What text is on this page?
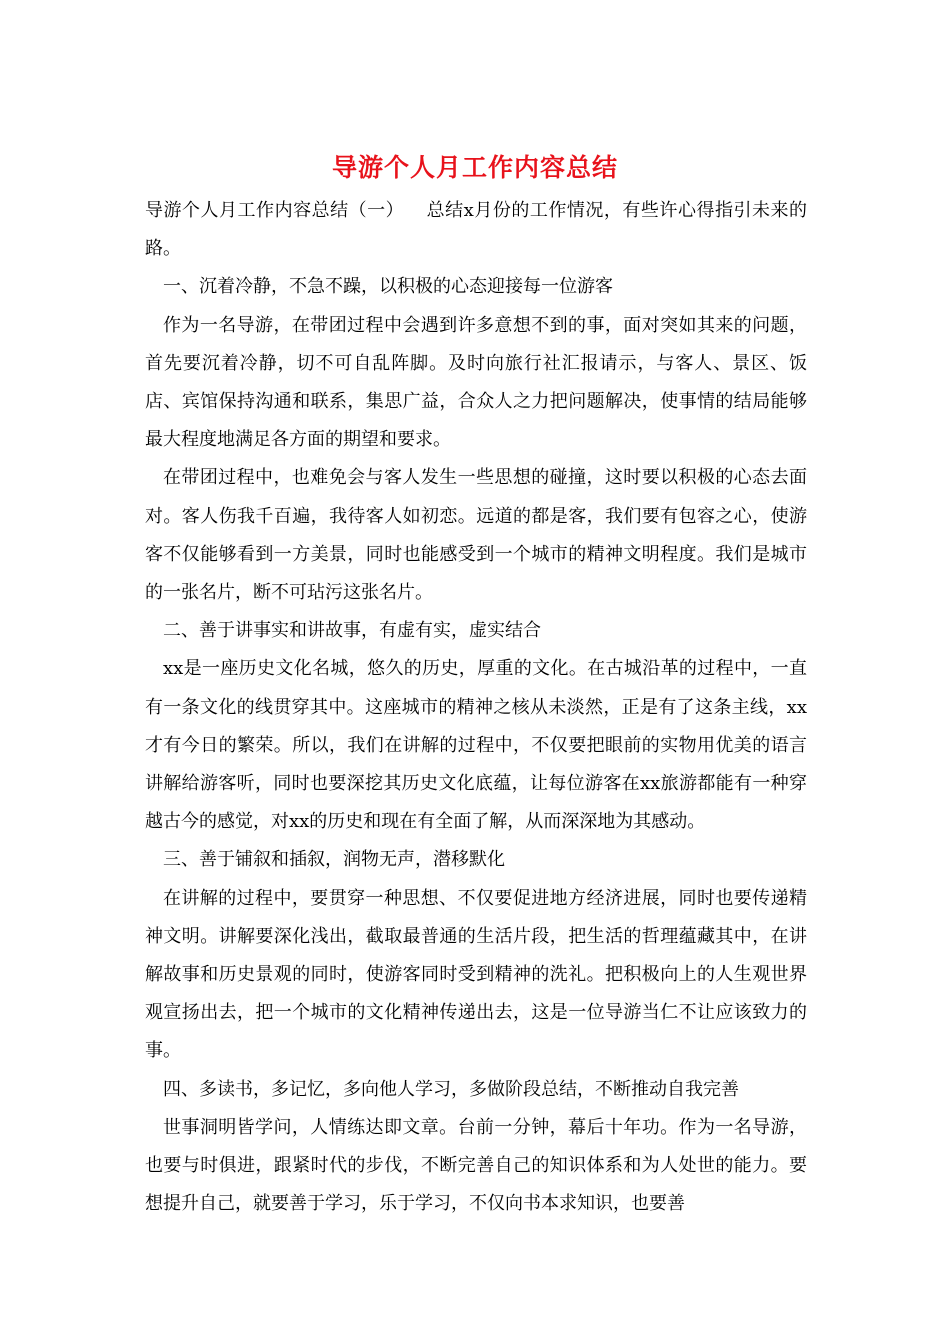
导游个人月工作内容总结

导游个人月工作内容总结（一） 总结x月份的工作情况，有些许心得指引未来的路。

一、沉着冷静，不急不躁，以积极的心态迎接每一位游客

作为一名导游，在带团过程中会遇到许多意想不到的事，面对突如其来的问题，首先要沉着冷静，切不可自乱阵脚。及时向旅行社汇报请示，与客人、景区、饭店、宾馆保持沟通和联系，集思广益，合众人之力把问题解决，使事情的结局能够最大程度地满足各方面的期望和要求。

在带团过程中，也难免会与客人发生一些思想的碰撞，这时要以积极的心态去面对。客人伤我千百遍，我待客人如初恋。远道的都是客，我们要有包容之心，使游客不仅能够看到一方美景，同时也能感受到一个城市的精神文明程度。我们是城市的一张名片，断不可玷污这张名片。

二、善于讲事实和讲故事，有虚有实，虚实结合

xx是一座历史文化名城，悠久的历史，厚重的文化。在古城沿革的过程中，一直有一条文化的线贯穿其中。这座城市的精神之核从未淡然，正是有了这条主线，xx才有今日的繁荣。所以，我们在讲解的过程中，不仅要把眼前的实物用优美的语言讲解给游客听，同时也要深挖其历史文化底蕴，让每位游客在xx旅游都能有一种穿越古今的感觉，对xx的历史和现在有全面了解，从而深深地为其感动。

三、善于铺叙和插叙，润物无声，潜移默化

在讲解的过程中，要贯穿一种思想、不仅要促进地方经济进展，同时也要传递精神文明。讲解要深化浅出，截取最普通的生活片段，把生活的哲理蕴藏其中，在讲解故事和历史景观的同时，使游客同时受到精神的洗礼。把积极向上的人生观世界观宣扬出去，把一个城市的文化精神传递出去，这是一位导游当仁不让应该致力的事。

四、多读书，多记忆，多向他人学习，多做阶段总结，不断推动自我完善

世事洞明皆学问，人情练达即文章。台前一分钟，幕后十年功。作为一名导游，也要与时俱进，跟紧时代的步伐，不断完善自己的知识体系和为人处世的能力。要想提升自己，就要善于学习，乐于学习，不仅向书本求知识，也要善
